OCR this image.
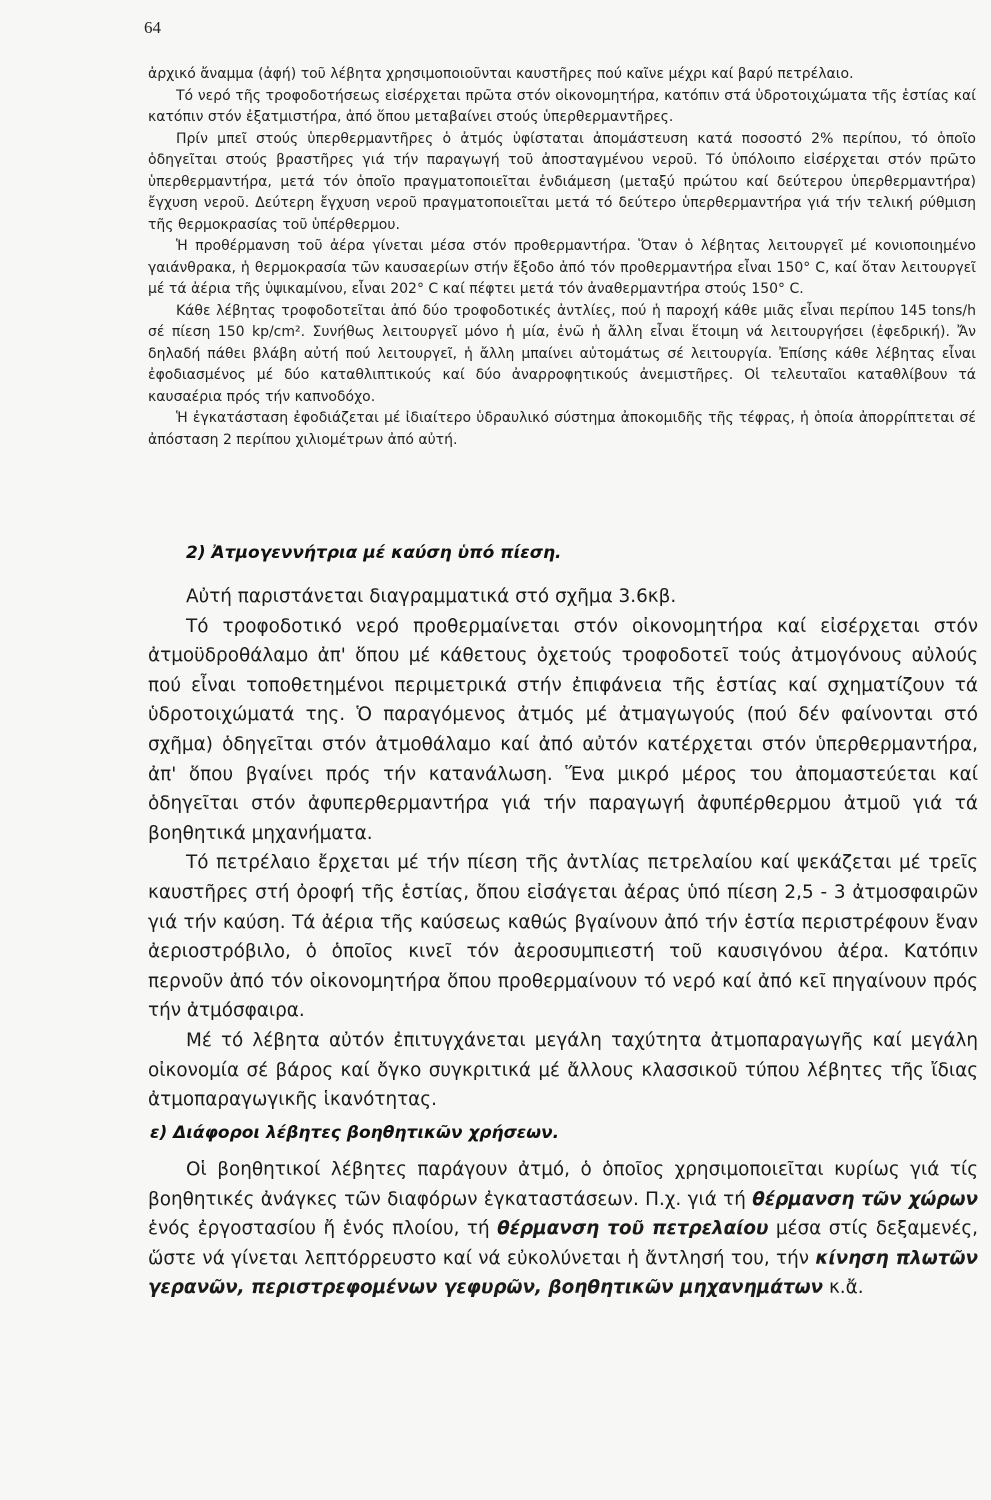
64

ἀρχικό ἄναμμα (ἀφή) τοῦ λέβητα χρησιμοποιοῦνται καυστῆρες πού καῖνε μέχρι καί βαρύ πετρέλαιο.

Τό νερό τῆς τροφοδοτήσεως εἰσέρχεται πρῶτα στόν οἰκονομητήρα, κατόπιν στά ὑδροτοιχώματα τῆς ἑστίας καί κατόπιν στόν ἐξατμιστήρα, ἀπό ὅπου μεταβαίνει στούς ὑπερθερμαντῆρες.

Πρίν μπεῖ στούς ὑπερθερμαντῆρες ὁ ἀτμός ὑφίσταται ἀπομάστευση κατά ποσοστό 2% περίπου, τό ὁποῖο ὁδηγεῖται στούς βραστῆρες γιά τήν παραγωγή τοῦ ἀποσταγμένου νεροῦ. Τό ὑπόλοιπο εἰσέρχεται στόν πρῶτο ὑπερθερμαντήρα, μετά τόν ὁποῖο πραγματοποιεῖται ἐνδιάμεση (μεταξύ πρώτου καί δεύτερου ὑπερθερμαντήρα) ἔγχυση νεροῦ. Δεύτερη ἔγχυση νεροῦ πραγματοποιεῖται μετά τό δεύτερο ὑπερθερμαντήρα γιά τήν τελική ρύθμιση τῆς θερμοκρασίας τοῦ ὑπέρθερμου.

Ἡ προθέρμανση τοῦ ἀέρα γίνεται μέσα στόν προθερμαντήρα. Ὅταν ὁ λέβητας λειτουργεῖ μέ κονιοποιημένο γαιάνθρακα, ἡ θερμοκρασία τῶν καυσαερίων στήν ἔξοδο ἀπό τόν προθερμαντήρα εἶναι 150° C, καί ὅταν λειτουργεῖ μέ τά ἀέρια τῆς ὑψικαμίνου, εἶναι 202° C καί πέφτει μετά τόν ἀναθερμαντήρα στούς 150° C.

Κάθε λέβητας τροφοδοτεῖται ἀπό δύο τροφοδοτικές ἀντλίες, πού ἡ παροχή κάθε μιᾶς εἶναι περίπου 145 tons/h σέ πίεση 150 kp/cm². Συνήθως λειτουργεῖ μόνο ἡ μία, ἐνῶ ἡ ἄλλη εἶναι ἕτοιμη νά λειτουργήσει (ἐφεδρική). Ἄν δηλαδή πάθει βλάβη αὐτή πού λειτουργεῖ, ἡ ἄλλη μπαίνει αὐτομάτως σέ λειτουργία. Ἐπίσης κάθε λέβητας εἶναι ἐφοδιασμένος μέ δύο καταθλιπτικούς καί δύο ἀναρροφητικούς ἀνεμιστῆρες. Οἱ τελευταῖοι καταθλίβουν τά καυσαέρια πρός τήν καπνοδόχο.

Ἡ ἐγκατάσταση ἐφοδιάζεται μέ ἰδιαίτερο ὑδραυλικό σύστημα ἀποκομιδῆς τῆς τέφρας, ἡ ὁποία ἀπορρίπτεται σέ ἀπόσταση 2 περίπου χιλιομέτρων ἀπό αὐτή.

2) Ἀτμογεννήτρια μέ καύση ὑπό πίεση.

Αὐτή παριστάνεται διαγραμματικά στό σχῆμα 3.6κβ.

Τό τροφοδοτικό νερό προθερμαίνεται στόν οἰκονομητήρα καί εἰσέρχεται στόν ἀτμοϋδροθάλαμο ἀπ' ὅπου μέ κάθετους ὀχετούς τροφοδοτεῖ τούς ἀτμογόνους αὐλούς πού εἶναι τοποθετημένοι περιμετρικά στήν ἐπιφάνεια τῆς ἑστίας καί σχηματίζουν τά ὑδροτοιχώματά της. Ὁ παραγόμενος ἀτμός μέ ἀτμαγωγούς (πού δέν φαίνονται στό σχῆμα) ὁδηγεῖται στόν ἀτμοθάλαμο καί ἀπό αὐτόν κατέρχεται στόν ὑπερθερμαντήρα, ἀπ' ὅπου βγαίνει πρός τήν κατανάλωση. Ἕνα μικρό μέρος του ἀπομαστεύεται καί ὁδηγεῖται στόν ἀφυπερθερμαντήρα γιά τήν παραγωγή ἀφυπέρθερμου ἀτμοῦ γιά τά βοηθητικά μηχανήματα.

Τό πετρέλαιο ἔρχεται μέ τήν πίεση τῆς ἀντλίας πετρελαίου καί ψεκάζεται μέ τρεῖς καυστῆρες στή ὀροφή τῆς ἑστίας, ὅπου εἰσάγεται ἀέρας ὑπό πίεση 2,5 - 3 ἀτμοσφαιρῶν γιά τήν καύση. Τά ἀέρια τῆς καύσεως καθώς βγαίνουν ἀπό τήν ἑστία περιστρέφουν ἕναν ἀεριοστρόβιλο, ὁ ὁποῖος κινεῖ τόν ἀεροσυμπιεστή τοῦ καυσιγόνου ἀέρα. Κατόπιν περνοῦν ἀπό τόν οἰκονομητήρα ὅπου προθερμαίνουν τό νερό καί ἀπό κεῖ πηγαίνουν πρός τήν ἀτμόσφαιρα.

Μέ τό λέβητα αὐτόν ἐπιτυγχάνεται μεγάλη ταχύτητα ἀτμοπαραγωγῆς καί μεγάλη οἰκονομία σέ βάρος καί ὄγκο συγκριτικά μέ ἄλλους κλασσικοῦ τύπου λέβητες τῆς ἴδιας ἀτμοπαραγωγικῆς ἱκανότητας.

ε) Διάφοροι λέβητες βοηθητικῶν χρήσεων.

Οἱ βοηθητικοί λέβητες παράγουν ἀτμό, ὁ ὁποῖος χρησιμοποιεῖται κυρίως γιά τίς βοηθητικές ἀνάγκες τῶν διαφόρων ἐγκαταστάσεων. Π.χ. γιά τή θέρμανση τῶν χώρων ἑνός ἐργοστασίου ἤ ἑνός πλοίου, τή θέρμανση τοῦ πετρελαίου μέσα στίς δεξαμενές, ὥστε νά γίνεται λεπτόρρευστο καί νά εὐκολύνεται ἡ ἄντλησή του, τήν κίνηση πλωτῶν γερανῶν, περιστρεφομένων γεφυρῶν, βοηθητικῶν μηχανημάτων κ.ἄ.
